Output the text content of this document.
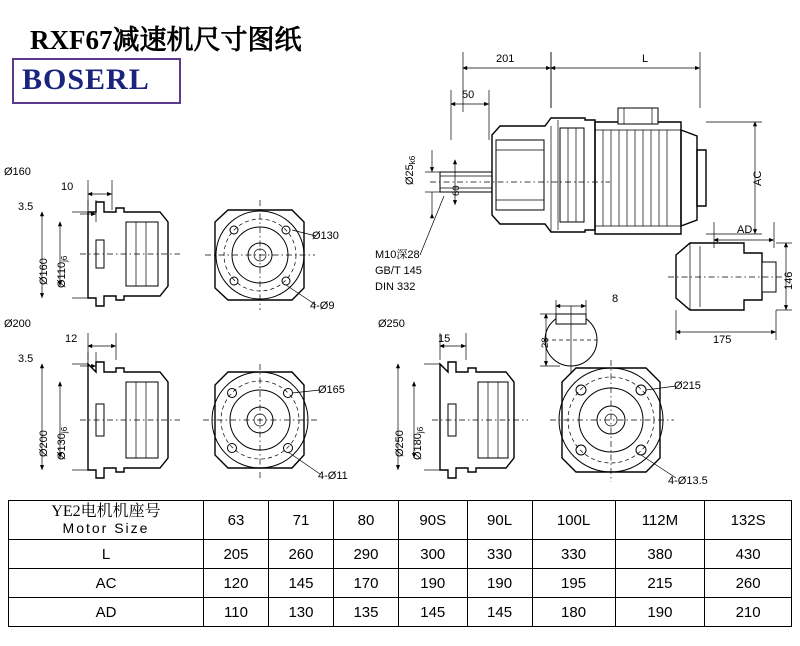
RXF67减速机尺寸图纸
BOSERL
201	L
50
Ø25k6
60
AC
M10深28
GB/T 145
DIN 332
8
28
AD
146
175
Ø160
10
3.5
Ø160 Ø110j6
Ø130
4-Ø9
Ø200
12
3.5
Ø200 Ø130j6
Ø165
4-Ø11
Ø250
15
Ø250 Ø180j6
Ø215
4-Ø13.5
YE2电机机座号
Motor Size	63	71	80	90S	90L	100L	112M	132S
L	205	260	290	300	330	330	380	430
AC	120	145	170	190	190	195	215	260
AD	110	130	135	145	145	180	190	210
